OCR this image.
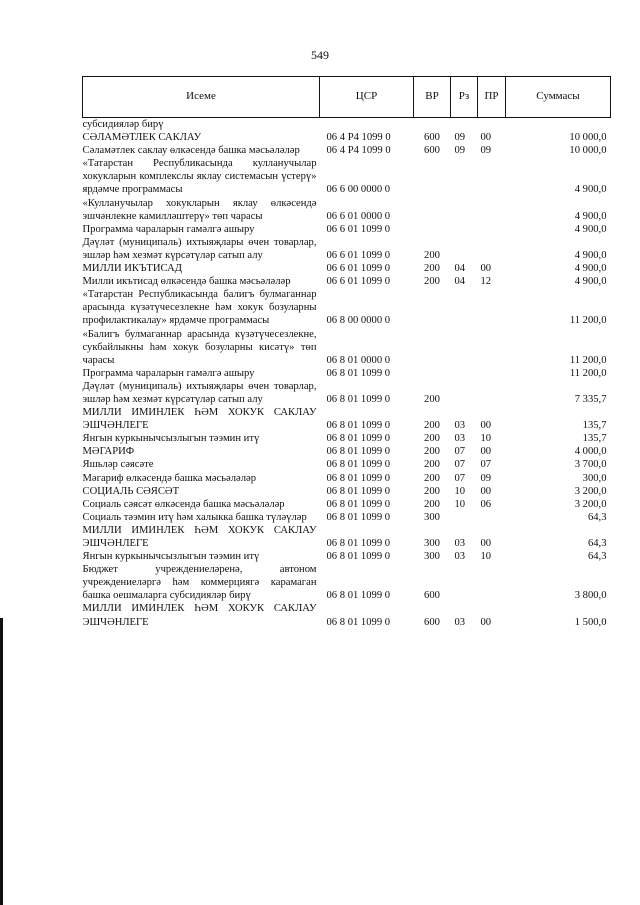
549
Исеме	ЦСР	ВР	Рз	ПР	Суммасы
субсидияләр бирү					
СӘЛАМӘТЛЕК САКЛАУ	06 4 P4 1099 0	600	09	00	10 000,0
Сәламәтлек саклау өлкәсендә башка мәсьәләләр	06 4 P4 1099 0	600	09	09	10 000,0
«Татарстан Республикасында кулланучылар хокукларын комплекслы яклау системасын үстерү» ярдәмче программасы	06 6 00 0000 0				4 900,0
«Кулланучылар хокукларын яклау өлкәсендә эшчәнлекне камилләштерү» төп чарасы	06 6 01 0000 0				4 900,0
Программа чараларын гамәлгә ашыру	06 6 01 1099 0				4 900,0
Дәүләт (муниципаль) ихтыяҗлары өчен товарлар, эшләр һәм хезмәт күрсәтүләр сатып алу	06 6 01 1099 0	200			4 900,0
МИЛЛИ ИКЪТИСАД	06 6 01 1099 0	200	04	00	4 900,0
Милли икътисад өлкәсендә башка мәсьәләләр	06 6 01 1099 0	200	04	12	4 900,0
«Татарстан Республикасында балигъ булмаганнар арасында күзәтүчесезлекне һәм хокук бозуларны профилактикалау» ярдәмче программасы	06 8 00 0000 0				11 200,0
«Балигъ булмаганнар арасында күзәтүчесезлекне, сукбайлыкны һәм хокук бозуларны кисәтү» төп чарасы	06 8 01 0000 0				11 200,0
Программа чараларын гамәлгә ашыру	06 8 01 1099 0				11 200,0
Дәүләт (муниципаль) ихтыяҗлары өчен товарлар, эшләр һәм хезмәт күрсәтүләр сатып алу	06 8 01 1099 0	200			7 335,7
МИЛЛИ ИМИНЛЕК ҺӘМ ХОКУК САКЛАУ ЭШЧӘНЛЕГЕ	06 8 01 1099 0	200	03	00	135,7
Янгын куркынычсызлыгын тәэмин итү	06 8 01 1099 0	200	03	10	135,7
МӘГАРИФ	06 8 01 1099 0	200	07	00	4 000,0
Яшьләр сәясәте	06 8 01 1099 0	200	07	07	3 700,0
Мәгариф өлкәсендә башка мәсьәләләр	06 8 01 1099 0	200	07	09	300,0
СОЦИАЛЬ СӘЯСӘТ	06 8 01 1099 0	200	10	00	3 200,0
Социаль сәясәт өлкәсендә башка мәсьәләләр	06 8 01 1099 0	200	10	06	3 200,0
Социаль тәэмин итү һәм халыкка башка түләүләр	06 8 01 1099 0	300			64,3
МИЛЛИ ИМИНЛЕК ҺӘМ ХОКУК САКЛАУ ЭШЧӘНЛЕГЕ	06 8 01 1099 0	300	03	00	64,3
Янгын куркынычсызлыгын тәэмин итү	06 8 01 1099 0	300	03	10	64,3
Бюджет учреждениеләренә, автоном учреждениеләргә һәм коммерциягә карамаган башка оешмаларга субсидияләр бирү	06 8 01 1099 0	600			3 800,0
МИЛЛИ ИМИНЛЕК ҺӘМ ХОКУК САКЛАУ ЭШЧӘНЛЕГЕ	06 8 01 1099 0	600	03	00	1 500,0
